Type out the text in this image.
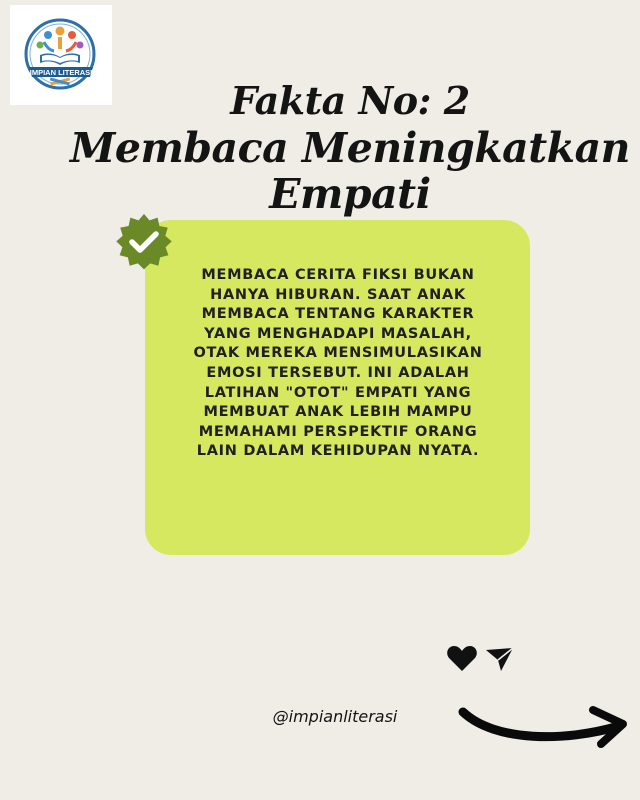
IMPIAN LITERASI
Fakta No: 2
Membaca Meningkatkan
Empati
MEMBACA CERITA FIKSI BUKAN HANYA HIBURAN. SAAT ANAK MEMBACA TENTANG KARAKTER YANG MENGHADAPI MASALAH, OTAK MEREKA MENSIMULASIKAN EMOSI TERSEBUT. INI ADALAH LATIHAN "OTOT" EMPATI YANG MEMBUAT ANAK LEBIH MAMPU MEMAHAMI PERSPEKTIF ORANG LAIN DALAM KEHIDUPAN NYATA.
@impianliterasi
